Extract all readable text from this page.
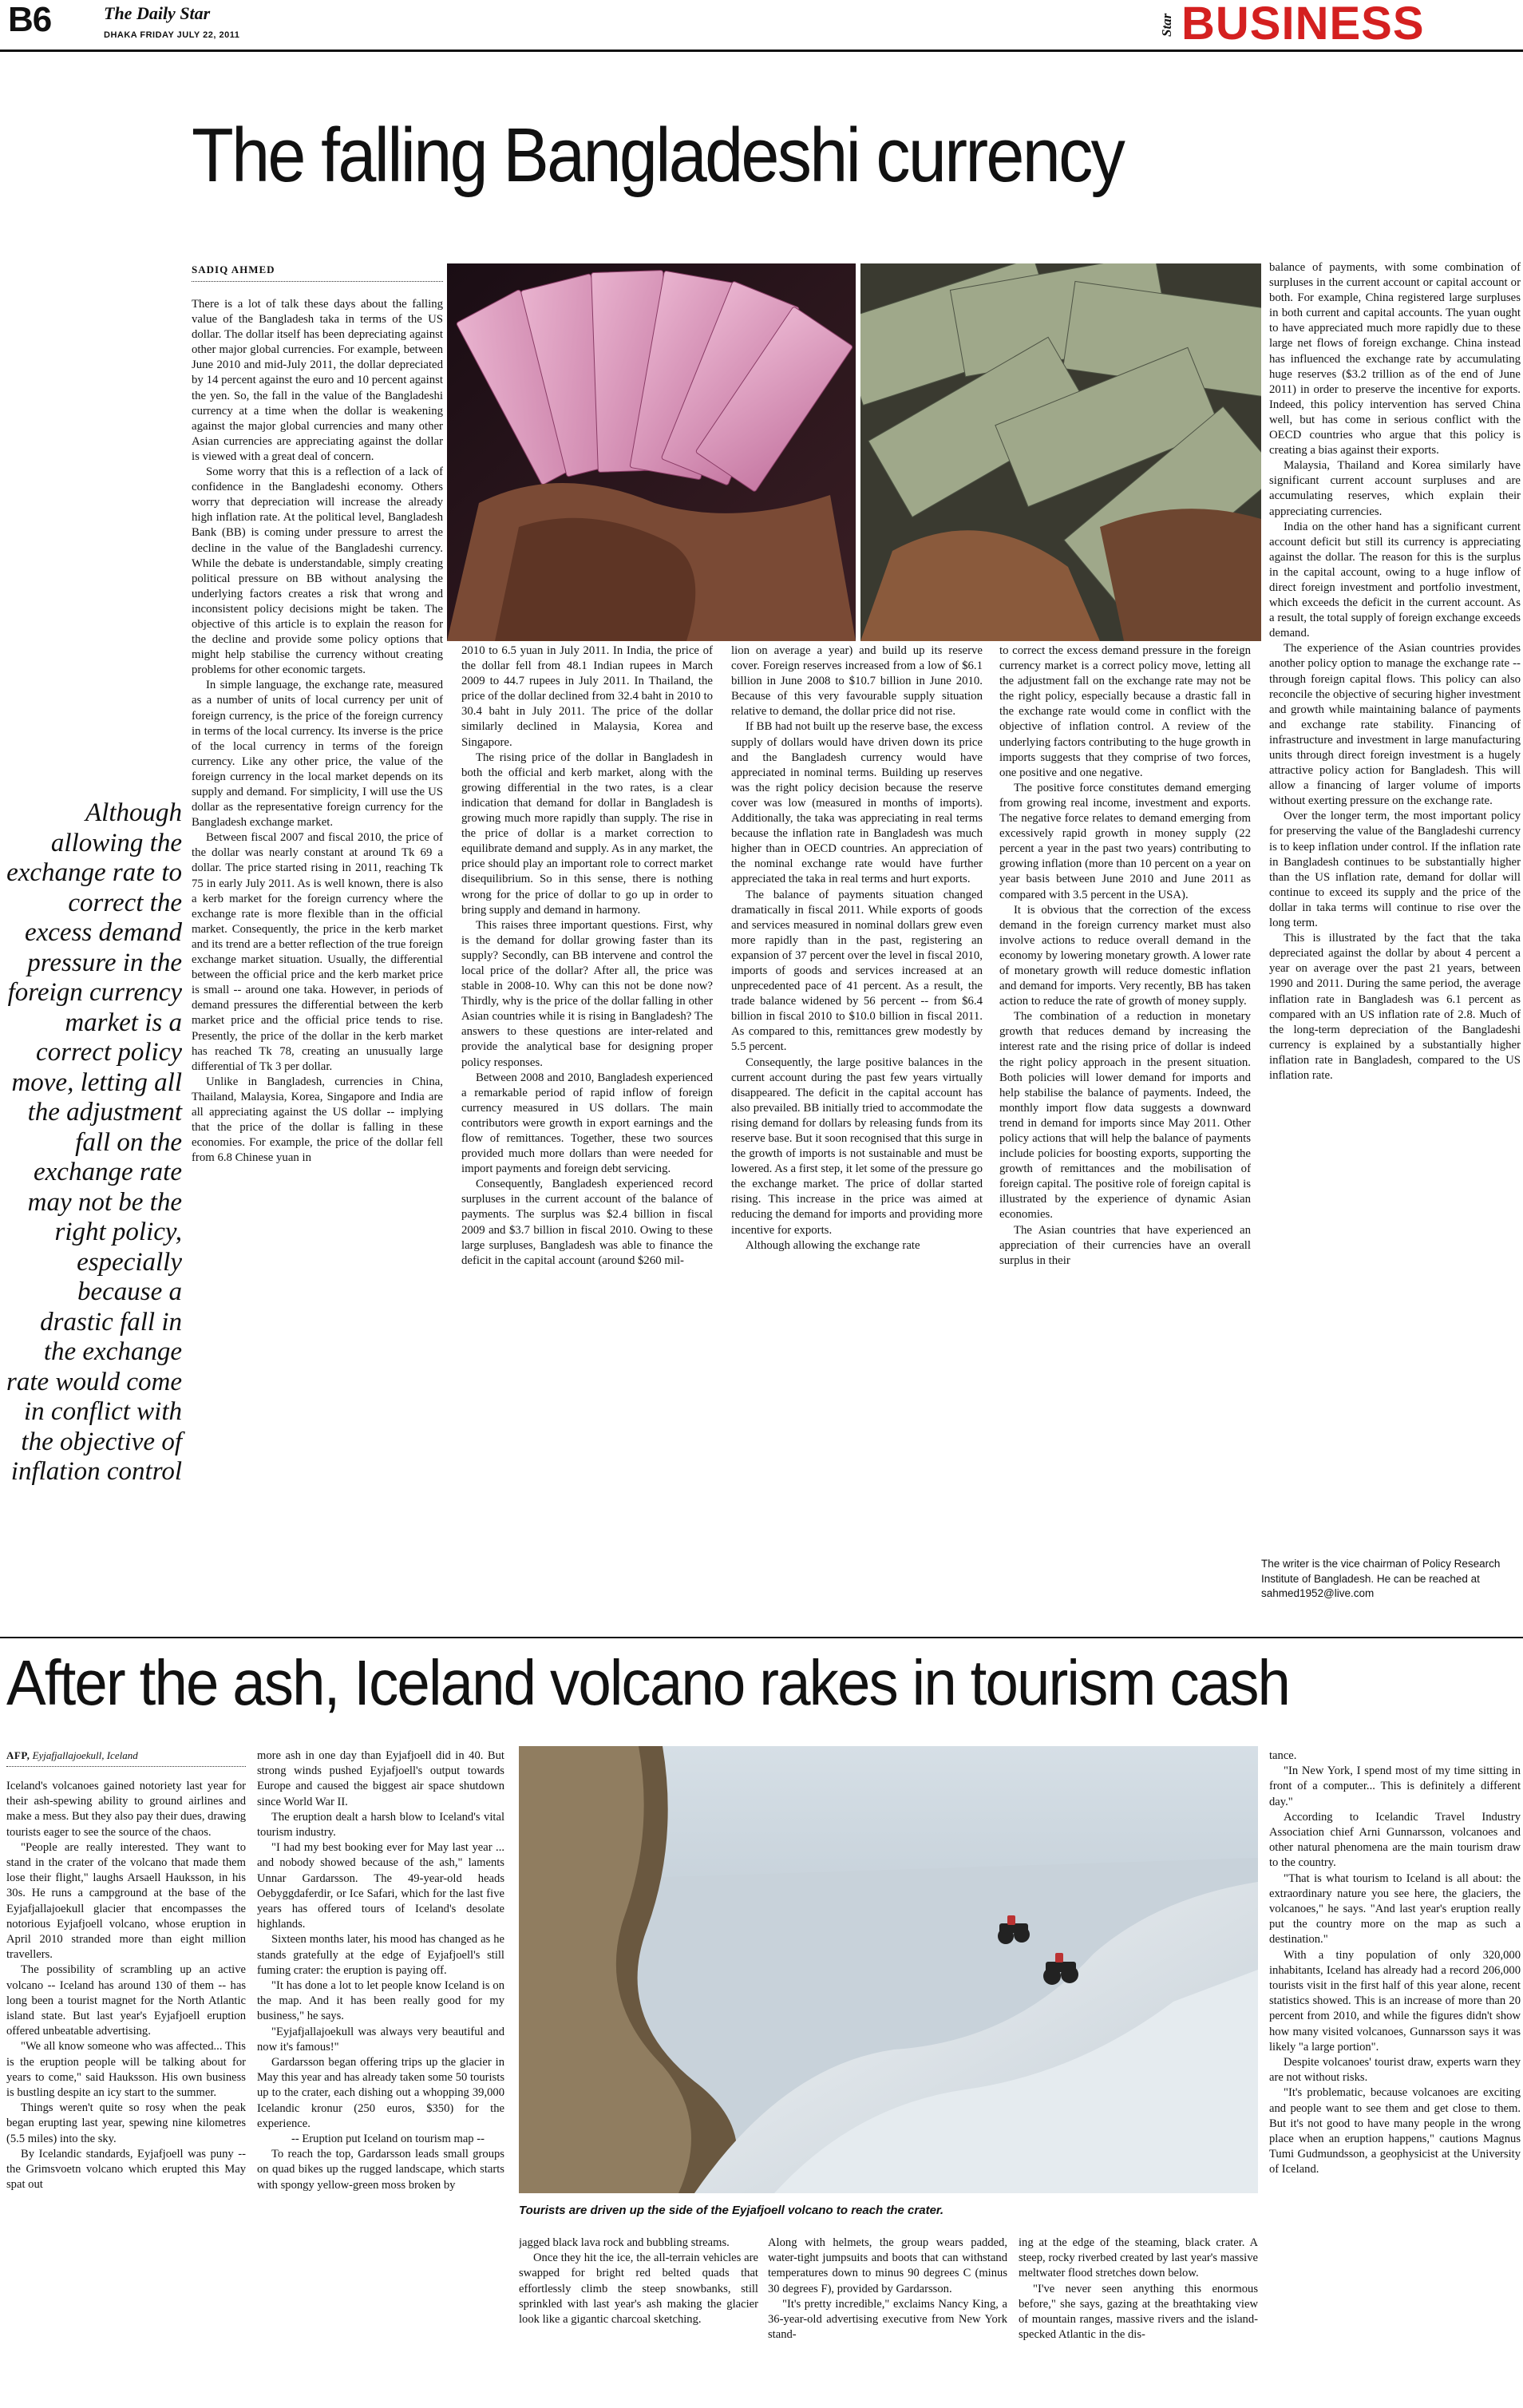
B6	The Daily Star
DHAKA FRIDAY JULY 22, 2011	Star BUSINESS
The falling Bangladeshi currency
SADIQ AHMED
Although allowing the exchange rate to correct the excess demand pressure in the foreign currency market is a correct policy move, letting all the adjustment fall on the exchange rate may not be the right policy, especially because a drastic fall in the exchange rate would come in conflict with the objective of inflation control

There is a lot of talk these days about the falling value of the Bangladesh taka in terms of the US dollar. The dollar itself has been depreciating against other major global currencies. For example, between June 2010 and mid-July 2011, the dollar depreciated by 14 percent against the euro and 10 percent against the yen. So, the fall in the value of the Bangladeshi currency at a time when the dollar is weakening against the major global currencies and many other Asian currencies are appreciating against the dollar is viewed with a great deal of concern.

Some worry that this is a reflection of a lack of confidence in the Bangladeshi economy. Others worry that depreciation will increase the already high inflation rate. At the political level, Bangladesh Bank (BB) is coming under pressure to arrest the decline in the value of the Bangladeshi currency. While the debate is understandable, simply creating political pressure on BB without analysing the underlying factors creates a risk that wrong and inconsistent policy decisions might be taken. The objective of this article is to explain the reason for the decline and provide some policy options that might help stabilise the currency without creating problems for other economic targets.

In simple language, the exchange rate, measured as a number of units of local currency per unit of foreign currency, is the price of the foreign currency in terms of the local currency. Its inverse is the price of the local currency in terms of the foreign currency. Like any other price, the value of the foreign currency in the local market depends on its supply and demand. For simplicity, I will use the US dollar as the representative foreign currency for the Bangladesh exchange market.

Between fiscal 2007 and fiscal 2010, the price of the dollar was nearly constant at around Tk 69 a dollar. The price started rising in 2011, reaching Tk 75 in early July 2011. As is well known, there is also a kerb market for the foreign currency where the exchange rate is more flexible than in the official market. Consequently, the price in the kerb market and its trend are a better reflection of the true foreign exchange market situation. Usually, the differential between the official price and the kerb market price is small -- around one taka. However, in periods of demand pressures the differential between the kerb market price and the official price tends to rise. Presently, the price of the dollar in the kerb market has reached Tk 78, creating an unusually large differential of Tk 3 per dollar.

Unlike in Bangladesh, currencies in China, Thailand, Malaysia, Korea, Singapore and India are all appreciating against the US dollar -- implying that the price of the dollar is falling in these economies. For example, the price of the dollar fell from 6.8 Chinese yuan in

2010 to 6.5 yuan in July 2011. In India, the price of the dollar fell from 48.1 Indian rupees in March 2009 to 44.7 rupees in July 2011. In Thailand, the price of the dollar declined from 32.4 baht in 2010 to 30.4 baht in July 2011. The price of the dollar similarly declined in Malaysia, Korea and Singapore.

The rising price of the dollar in Bangladesh in both the official and kerb market, along with the growing differential in the two rates, is a clear indication that demand for dollar in Bangladesh is growing much more rapidly than supply. The rise in the price of dollar is a market correction to equilibrate demand and supply. As in any market, the price should play an important role to correct market disequilibrium. So in this sense, there is nothing wrong for the price of dollar to go up in order to bring supply and demand in harmony.

This raises three important questions. First, why is the demand for dollar growing faster than its supply? Secondly, can BB intervene and control the local price of the dollar? After all, the price was stable in 2008-10. Why can this not be done now? Thirdly, why is the price of the dollar falling in other Asian countries while it is rising in Bangladesh? The answers to these questions are inter-related and provide the analytical base for designing proper policy responses.

Between 2008 and 2010, Bangladesh experienced a remarkable period of rapid inflow of foreign currency measured in US dollars. The main contributors were growth in export earnings and the flow of remittances. Together, these two sources provided much more dollars than were needed for import payments and foreign debt servicing.

Consequently, Bangladesh experienced record surpluses in the current account of the balance of payments. The surplus was $2.4 billion in fiscal 2009 and $3.7 billion in fiscal 2010. Owing to these large surpluses, Bangladesh was able to finance the deficit in the capital account (around $260 mil-

lion on average a year) and build up its reserve cover. Foreign reserves increased from a low of $6.1 billion in June 2008 to $10.7 billion in June 2010. Because of this very favourable supply situation relative to demand, the dollar price did not rise.

If BB had not built up the reserve base, the excess supply of dollars would have driven down its price and the Bangladesh currency would have appreciated in nominal terms. Building up reserves was the right policy decision because the reserve cover was low (measured in months of imports). Additionally, the taka was appreciating in real terms because the inflation rate in Bangladesh was much higher than in OECD countries. An appreciation of the nominal exchange rate would have further appreciated the taka in real terms and hurt exports.

The balance of payments situation changed dramatically in fiscal 2011. While exports of goods and services measured in nominal dollars grew even more rapidly than in the past, registering an expansion of 37 percent over the level in fiscal 2010, imports of goods and services increased at an unprecedented pace of 41 percent. As a result, the trade balance widened by 56 percent -- from $6.4 billion in fiscal 2010 to $10.0 billion in fiscal 2011. As compared to this, remittances grew modestly by 5.5 percent.

Consequently, the large positive balances in the current account during the past few years virtually disappeared. The deficit in the capital account has also prevailed. BB initially tried to accommodate the rising demand for dollars by releasing funds from its reserve base. But it soon recognised that this surge in the growth of imports is not sustainable and must be lowered. As a first step, it let some of the pressure go the exchange market. The price of dollar started rising. This increase in the price was aimed at reducing the demand for imports and providing more incentive for exports.

Although allowing the exchange rate

to correct the excess demand pressure in the foreign currency market is a correct policy move, letting all the adjustment fall on the exchange rate may not be the right policy, especially because a drastic fall in the exchange rate would come in conflict with the objective of inflation control. A review of the underlying factors contributing to the huge growth in imports suggests that they comprise of two forces, one positive and one negative.

The positive force constitutes demand emerging from growing real income, investment and exports. The negative force relates to demand emerging from excessively rapid growth in money supply (22 percent a year in the past two years) contributing to growing inflation (more than 10 percent on a year on year basis between June 2010 and June 2011 as compared with 3.5 percent in the USA).

It is obvious that the correction of the excess demand in the foreign currency market must also involve actions to reduce overall demand in the economy by lowering monetary growth. A lower rate of monetary growth will reduce domestic inflation and demand for imports. Very recently, BB has taken action to reduce the rate of growth of money supply.

The combination of a reduction in monetary growth that reduces demand by increasing the interest rate and the rising price of dollar is indeed the right policy approach in the present situation. Both policies will lower demand for imports and help stabilise the balance of payments. Indeed, the monthly import flow data suggests a downward trend in demand for imports since May 2011. Other policy actions that will help the balance of payments include policies for boosting exports, supporting the growth of remittances and the mobilisation of foreign capital. The positive role of foreign capital is illustrated by the experience of dynamic Asian economies.

The Asian countries that have experienced an appreciation of their currencies have an overall surplus in their

balance of payments, with some combination of surpluses in the current account or capital account or both. For example, China registered large surpluses in both current and capital accounts. The yuan ought to have appreciated much more rapidly due to these large net flows of foreign exchange. China instead has influenced the exchange rate by accumulating huge reserves ($3.2 trillion as of the end of June 2011) in order to preserve the incentive for exports. Indeed, this policy intervention has served China well, but has come in serious conflict with the OECD countries who argue that this policy is creating a bias against their exports.

Malaysia, Thailand and Korea similarly have significant current account surpluses and are accumulating reserves, which explain their appreciating currencies.

India on the other hand has a significant current account deficit but still its currency is appreciating against the dollar. The reason for this is the surplus in the capital account, owing to a huge inflow of direct foreign investment and portfolio investment, which exceeds the deficit in the current account. As a result, the total supply of foreign exchange exceeds demand.

The experience of the Asian countries provides another policy option to manage the exchange rate -- through foreign capital flows. This policy can also reconcile the objective of securing higher investment and growth while maintaining balance of payments and exchange rate stability. Financing of infrastructure and investment in large manufacturing units through direct foreign investment is a hugely attractive policy action for Bangladesh. This will allow a financing of larger volume of imports without exerting pressure on the exchange rate.

Over the longer term, the most important policy for preserving the value of the Bangladeshi currency is to keep inflation under control. If the inflation rate in Bangladesh continues to be substantially higher than the US inflation rate, demand for dollar will continue to exceed its supply and the price of the dollar in taka terms will continue to rise over the long term.

This is illustrated by the fact that the taka depreciated against the dollar by about 4 percent a year on average over the past 21 years, between 1990 and 2011. During the same period, the average inflation rate in Bangladesh was 6.1 percent as compared with an US inflation rate of 2.8. Much of the long-term depreciation of the Bangladeshi currency is explained by a substantially higher inflation rate in Bangladesh, compared to the US inflation rate.

The writer is the vice chairman of Policy Research Institute of Bangladesh. He can be reached at sahmed1952@live.com
After the ash, Iceland volcano rakes in tourism cash
AFP, Eyjafjallajoekull, Iceland
Tourists are driven up the side of the Eyjafjoell volcano to reach the crater.

Iceland's volcanoes gained notoriety last year for their ash-spewing ability to ground airlines and make a mess. But they also pay their dues, drawing tourists eager to see the source of the chaos.

"People are really interested. They want to stand in the crater of the volcano that made them lose their flight," laughs Arsaell Hauksson, in his 30s. He runs a campground at the base of the Eyjafjallajoekull glacier that encompasses the notorious Eyjafjoell volcano, whose eruption in April 2010 stranded more than eight million travellers.

The possibility of scrambling up an active volcano -- Iceland has around 130 of them -- has long been a tourist magnet for the North Atlantic island state. But last year's Eyjafjoell eruption offered unbeatable advertising.

"We all know someone who was affected... This is the eruption people will be talking about for years to come," said Hauksson. His own business is bustling despite an icy start to the summer.

Things weren't quite so rosy when the peak began erupting last year, spewing nine kilometres (5.5 miles) into the sky.

By Icelandic standards, Eyjafjoell was puny -- the Grimsvoetn volcano which erupted this May spat out

more ash in one day than Eyjafjoell did in 40. But strong winds pushed Eyjafjoell's output towards Europe and caused the biggest air space shutdown since World War II.

The eruption dealt a harsh blow to Iceland's vital tourism industry.

"I had my best booking ever for May last year ... and nobody showed because of the ash," laments Unnar Gardarsson. The 49-year-old heads Oebyggdaferdir, or Ice Safari, which for the last five years has offered tours of Iceland's desolate highlands.

Sixteen months later, his mood has changed as he stands gratefully at the edge of Eyjafjoell's still fuming crater: the eruption is paying off.

"It has done a lot to let people know Iceland is on the map. And it has been really good for my business," he says.

"Eyjafjallajoekull was always very beautiful and now it's famous!"

Gardarsson began offering trips up the glacier in May this year and has already taken some 50 tourists up to the crater, each dishing out a whopping 39,000 Icelandic kronur (250 euros, $350) for the experience.

-- Eruption put Iceland on tourism map --

To reach the top, Gardarsson leads small groups on quad bikes up the rugged landscape, which starts with spongy yellow-green moss broken by

jagged black lava rock and bubbling streams.

Once they hit the ice, the all-terrain vehicles are swapped for bright red belted quads that effortlessly climb the steep snowbanks, still sprinkled with last year's ash making the glacier look like a gigantic charcoal sketching.

Along with helmets, the group wears padded, water-tight jumpsuits and boots that can withstand temperatures down to minus 90 degrees C (minus 30 degrees F), provided by Gardarsson.

"It's pretty incredible," exclaims Nancy King, a 36-year-old advertising executive from New York stand-

ing at the edge of the steaming, black crater. A steep, rocky riverbed created by last year's massive meltwater flood stretches down below.

"I've never seen anything this enormous before," she says, gazing at the breathtaking view of mountain ranges, massive rivers and the island-specked Atlantic in the dis-

tance.

"In New York, I spend most of my time sitting in front of a computer... This is definitely a different day."

According to Icelandic Travel Industry Association chief Arni Gunnarsson, volcanoes and other natural phenomena are the main tourism draw to the country.

"That is what tourism to Iceland is all about: the extraordinary nature you see here, the glaciers, the volcanoes," he says. "And last year's eruption really put the country more on the map as such a destination."

With a tiny population of only 320,000 inhabitants, Iceland has already had a record 206,000 tourists visit in the first half of this year alone, recent statistics showed. This is an increase of more than 20 percent from 2010, and while the figures didn't show how many visited volcanoes, Gunnarsson says it was likely "a large portion".

Despite volcanoes' tourist draw, experts warn they are not without risks.

"It's problematic, because volcanoes are exciting and people want to see them and get close to them. But it's not good to have many people in the wrong place when an eruption happens," cautions Magnus Tumi Gudmundsson, a geophysicist at the University of Iceland.
